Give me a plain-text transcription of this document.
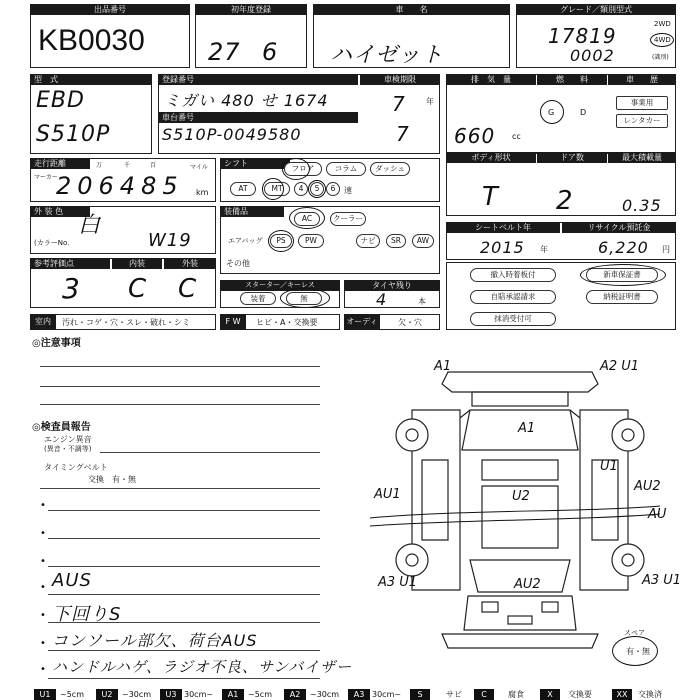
出品番号
KB0030
初年度登録
27 6
車　　名
ハイゼット
グレード／類別型式
17819
0002
2WD
4WD
(識別)
型　式
EBD
S510P
登録番号	車検期限
ミガい 480 せ 1674
車台番号
S510P-0049580
7
7
年
排　気　量	燃　　料	車　　歴
660 cc
G	D
事業用
レンタカー
走行距離
マーカー
万	千	百	マイル
km
206485
シフト
フロア	コラム	ダッシュ
AT	MT	4	5	6	速
ボディ形状	ドア数	最大積載量
T 2	0.35
外 装 色
白
(カラーNo.	W19
装備品
AC	クーラー
エアバッグ	PS	PW	ナビ	SR	AW
その他
シートベルト年	リサイクル預託金
2015 年	6,220 円
参考評価点	内装	外装
3 C C	スターター／キーレス
装着	無
タイヤ残り
4	本
撤入時着板付
自賠承認請求
抹消受付可
新車保証書
納税証明書
室内	汚れ・コゲ・穴・スレ・破れ・シミ	F W	ヒビ・A・交換要	オーディオ
欠・穴
◎注意事項
◎検査員報告
エンジン異音
(異音・不調等)
タイミングベルト
交換　有・無
•
•
•
• AUS
• 下回りS
• コンソール部欠、荷台AUS
• ハンドルハゲ、ラジオ不良、サンバイザー
A1	A2 U1
A1
U2
AU1
AU2
AU
AU2
A3 U1	A3 U1
U1
スペア
有・無
U1	~5cm	U2	~30cm	U3 30cm~	A1	~5cm	A2	~30cm	A3 30cm~	S	サビ	C	腐食	X	交換要	XX	交換済
